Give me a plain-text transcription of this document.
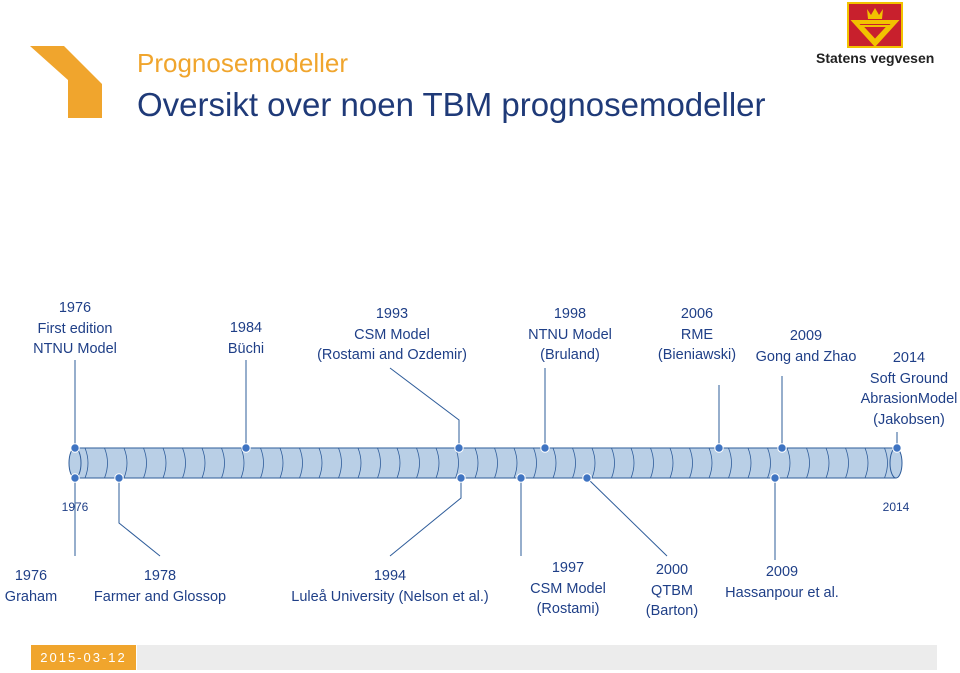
Prognosemodeller
Oversikt over noen TBM prognosemodeller
Statens vegvesen
1976
First edition
NTNU Model
1984
Büchi
1993
CSM Model
(Rostami and Ozdemir)
1998
NTNU Model
(Bruland)
2006
RME
(Bieniawski)
2009
Gong and Zhao	2014
Soft Ground
AbrasionModel
(Jakobsen)
1976
Graham
1978
Farmer and Glossop
1994
Luleå University (Nelson et al.)
1997
CSM Model
(Rostami)
2000
QTBM
(Barton)
2009
Hassanpour et al.
1976	2014
2015-03-12
